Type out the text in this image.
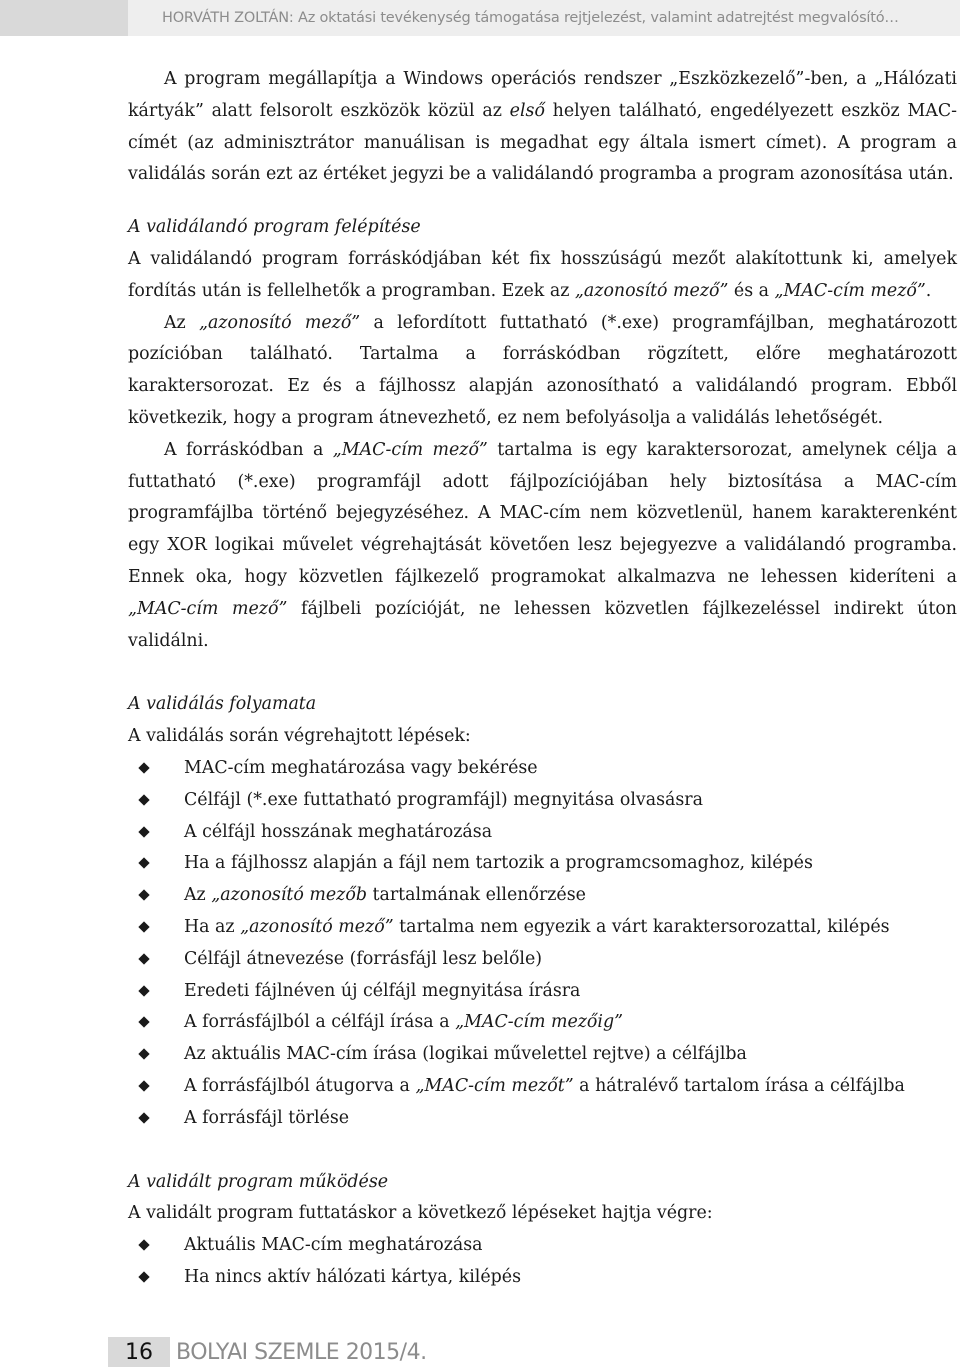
HORVÁTH ZOLTÁN: Az oktatási tevékenység támogatása rejtjelezést, valamint adatrejtést megvalósító…

A program megállapítja a Windows operációs rendszer „Eszközkezelő”-ben, a „Hálózati kártyák” alatt felsorolt eszközök közül az első helyen található, engedélyezett eszköz MAC-címét (az adminisztrátor manuálisan is megadhat egy általa ismert címet). A program a validálás során ezt az értéket jegyzi be a validálandó programba a program azonosítása után.

A validálandó program felépítése

A validálandó program forráskódjában két fix hosszúságú mezőt alakítottunk ki, amelyek fordítás után is fellelhetők a programban. Ezek az „azonosító mező” és a „MAC-cím mező”.

Az „azonosító mező” a lefordított futtatható (*.exe) programfájlban, meghatározott pozícióban található. Tartalma a forráskódban rögzített, előre meghatározott karaktersorozat. Ez és a fájlhossz alapján azonosítható a validálandó program. Ebből következik, hogy a program átnevezhető, ez nem befolyásolja a validálás lehetőségét.

A forráskódban a „MAC-cím mező” tartalma is egy karaktersorozat, amelynek célja a futtatható (*.exe) programfájl adott fájlpozíciójában hely biztosítása a MAC-cím programfájlba történő bejegyzéséhez. A MAC-cím nem közvetlenül, hanem karakterenként egy XOR logikai művelet végrehajtását követően lesz bejegyezve a validálandó programba. Ennek oka, hogy közvetlen fájlkezelő programokat alkalmazva ne lehessen kideríteni a „MAC-cím mező” fájlbeli pozícióját, ne lehessen közvetlen fájlkezeléssel indirekt úton validálni.

A validálás folyamata

A validálás során végrehajtott lépések:

MAC-cím meghatározása vagy bekérése
Célfájl (*.exe futtatható programfájl) megnyitása olvasásra
A célfájl hosszának meghatározása
Ha a fájlhossz alapján a fájl nem tartozik a programcsomaghoz, kilépés
Az „azonosító mezőb tartalmának ellenőrzése
Ha az „azonosító mező” tartalma nem egyezik a várt karaktersorozattal, kilépés
Célfájl átnevezése (forrásfájl lesz belőle)
Eredeti fájlnéven új célfájl megnyitása írásra
A forrásfájlból a célfájl írása a „MAC-cím mezőig”
Az aktuális MAC-cím írása (logikai művelettel rejtve) a célfájlba
A forrásfájlból átugorva a „MAC-cím mezőt” a hátralévő tartalom írása a célfájlba
A forrásfájl törlése

A validált program működése

A validált program futtatáskor a következő lépéseket hajtja végre:

Aktuális MAC-cím meghatározása
Ha nincs aktív hálózati kártya, kilépés
16	BOLYAI SZEMLE 2015/4.
